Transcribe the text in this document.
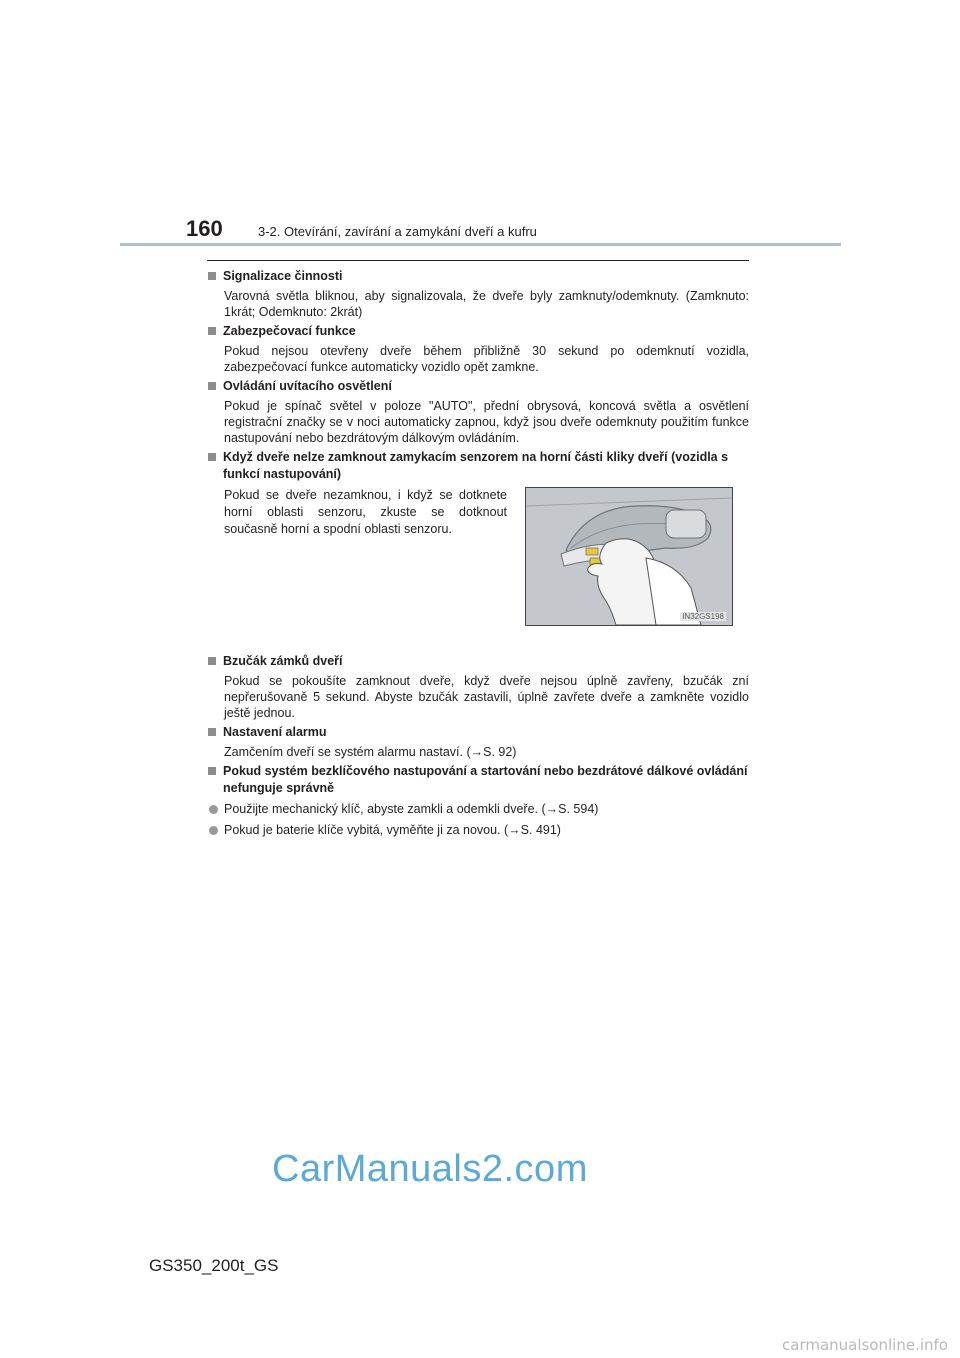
160	3-2. Otevírání, zavírání a zamykání dveří a kufru
Signalizace činnosti
Varovná světla bliknou, aby signalizovala, že dveře byly zamknuty/odemknuty. (Zamknuto: 1krát; Odemknuto: 2krát)
Zabezpečovací funkce
Pokud nejsou otevřeny dveře během přibližně 30 sekund po odemknutí vozidla, zabezpečovací funkce automaticky vozidlo opět zamkne.
Ovládání uvítacího osvětlení
Pokud je spínač světel v poloze "AUTO", přední obrysová, koncová světla a osvětlení registrační značky se v noci automaticky zapnou, když jsou dveře odemknuty použitím funkce nastupování nebo bezdrátovým dálkovým ovládáním.
Když dveře nelze zamknout zamykacím senzorem na horní části kliky dveří (vozidla s funkcí nastupování)
Pokud se dveře nezamknou, i když se dotknete horní oblasti senzoru, zkuste se dotknout současně horní a spodní oblasti senzoru.
IN32GS198
Bzučák zámků dveří
Pokud se pokoušíte zamknout dveře, když dveře nejsou úplně zavřeny, bzučák zní nepřerušovaně 5 sekund. Abyste bzučák zastavili, úplně zavřete dveře a zamkněte vozidlo ještě jednou.
Nastavení alarmu
Zamčením dveří se systém alarmu nastaví. (→S. 92)
Pokud systém bezklíčového nastupování a startování nebo bezdrátové dálkové ovládání nefunguje správně
Použijte mechanický klíč, abyste zamkli a odemkli dveře. (→S. 594)
Pokud je baterie klíče vybitá, vyměňte ji za novou. (→S. 491)
CarManuals2.com
GS350_200t_GS
carmanualsonline.info
